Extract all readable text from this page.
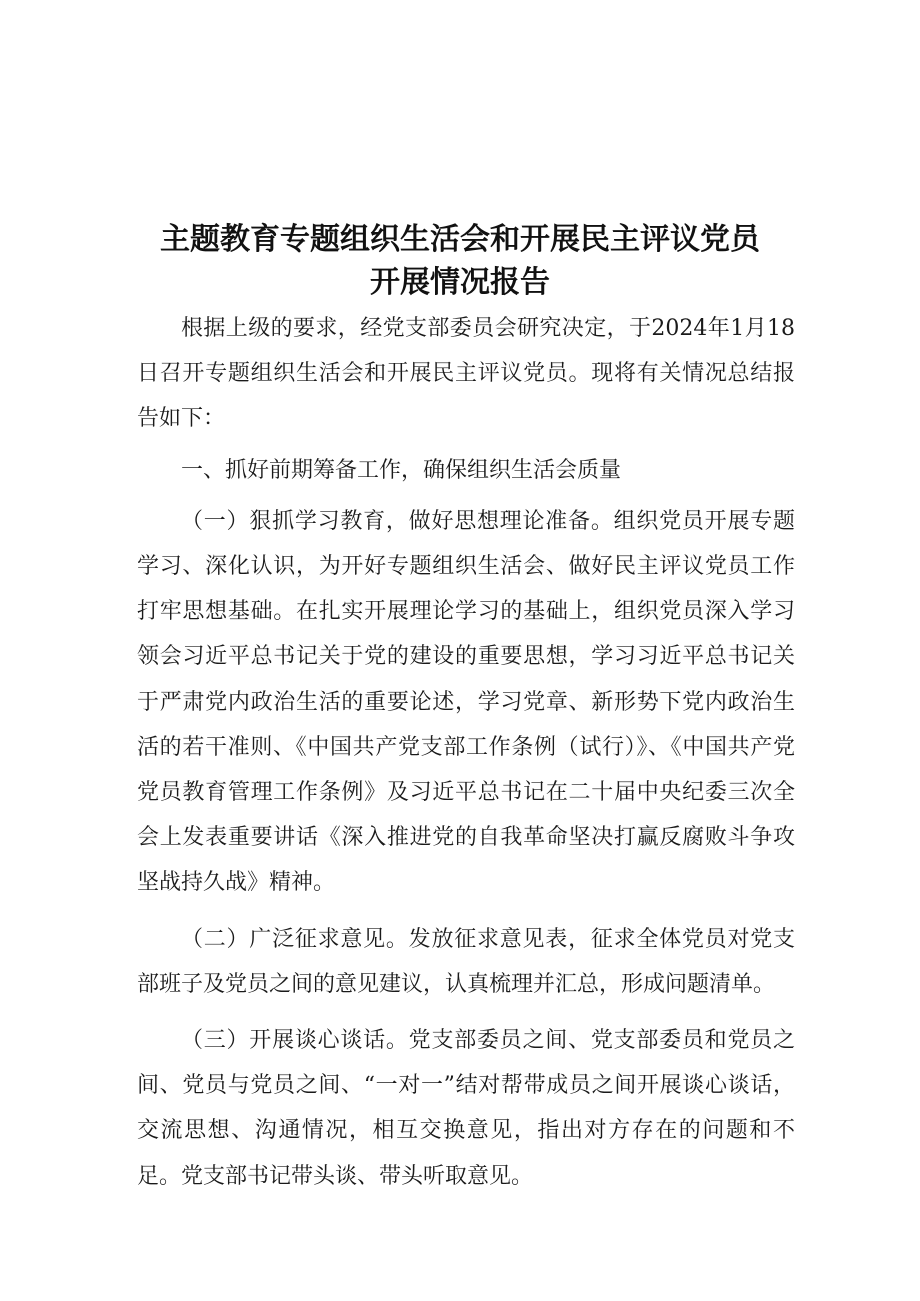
主题教育专题组织生活会和开展民主评议党员
开展情况报告

根据上级的要求，经党支部委员会研究决定，于2024年1月18日召开专题组织生活会和开展民主评议党员。现将有关情况总结报告如下：

一、抓好前期筹备工作，确保组织生活会质量

（一）狠抓学习教育，做好思想理论准备。组织党员开展专题学习、深化认识，为开好专题组织生活会、做好民主评议党员工作打牢思想基础。在扎实开展理论学习的基础上，组织党员深入学习领会习近平总书记关于党的建设的重要思想，学习习近平总书记关于严肃党内政治生活的重要论述，学习党章、新形势下党内政治生活的若干准则、《中国共产党支部工作条例（试行）》、《中国共产党党员教育管理工作条例》及习近平总书记在二十届中央纪委三次全会上发表重要讲话《深入推进党的自我革命坚决打赢反腐败斗争攻坚战持久战》精神。

（二）广泛征求意见。发放征求意见表，征求全体党员对党支部班子及党员之间的意见建议，认真梳理并汇总，形成问题清单。

（三）开展谈心谈话。党支部委员之间、党支部委员和党员之间、党员与党员之间、“一对一”结对帮带成员之间开展谈心谈话，交流思想、沟通情况，相互交换意见，指出对方存在的问题和不足。党支部书记带头谈、带头听取意见。
